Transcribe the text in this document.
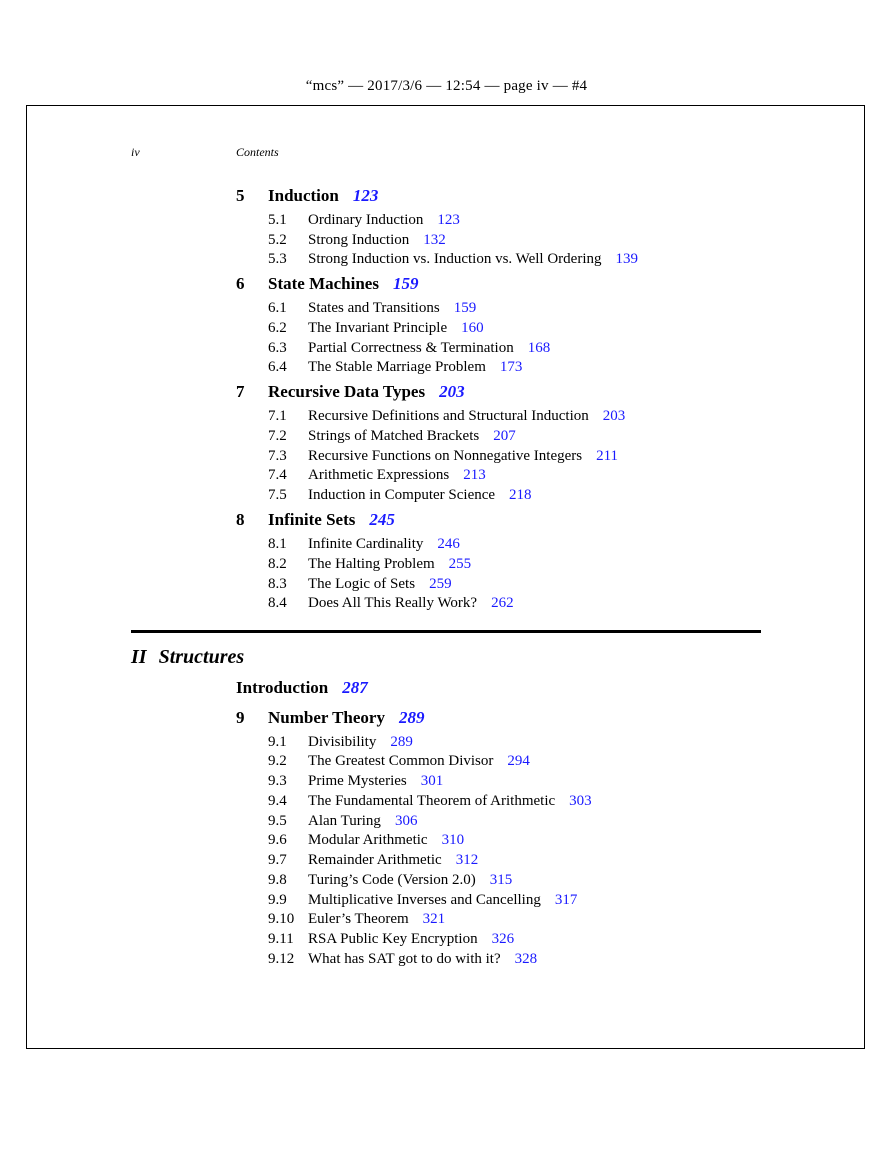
“mcs” — 2017/3/6 — 12:54 — page iv — #4
iv	Contents
5 Induction 123
5.1 Ordinary Induction 123
5.2 Strong Induction 132
5.3 Strong Induction vs. Induction vs. Well Ordering 139
6 State Machines 159
6.1 States and Transitions 159
6.2 The Invariant Principle 160
6.3 Partial Correctness & Termination 168
6.4 The Stable Marriage Problem 173
7 Recursive Data Types 203
7.1 Recursive Definitions and Structural Induction 203
7.2 Strings of Matched Brackets 207
7.3 Recursive Functions on Nonnegative Integers 211
7.4 Arithmetic Expressions 213
7.5 Induction in Computer Science 218
8 Infinite Sets 245
8.1 Infinite Cardinality 246
8.2 The Halting Problem 255
8.3 The Logic of Sets 259
8.4 Does All This Really Work? 262
II Structures
Introduction 287
9 Number Theory 289
9.1 Divisibility 289
9.2 The Greatest Common Divisor 294
9.3 Prime Mysteries 301
9.4 The Fundamental Theorem of Arithmetic 303
9.5 Alan Turing 306
9.6 Modular Arithmetic 310
9.7 Remainder Arithmetic 312
9.8 Turing’s Code (Version 2.0) 315
9.9 Multiplicative Inverses and Cancelling 317
9.10 Euler’s Theorem 321
9.11 RSA Public Key Encryption 326
9.12 What has SAT got to do with it? 328
